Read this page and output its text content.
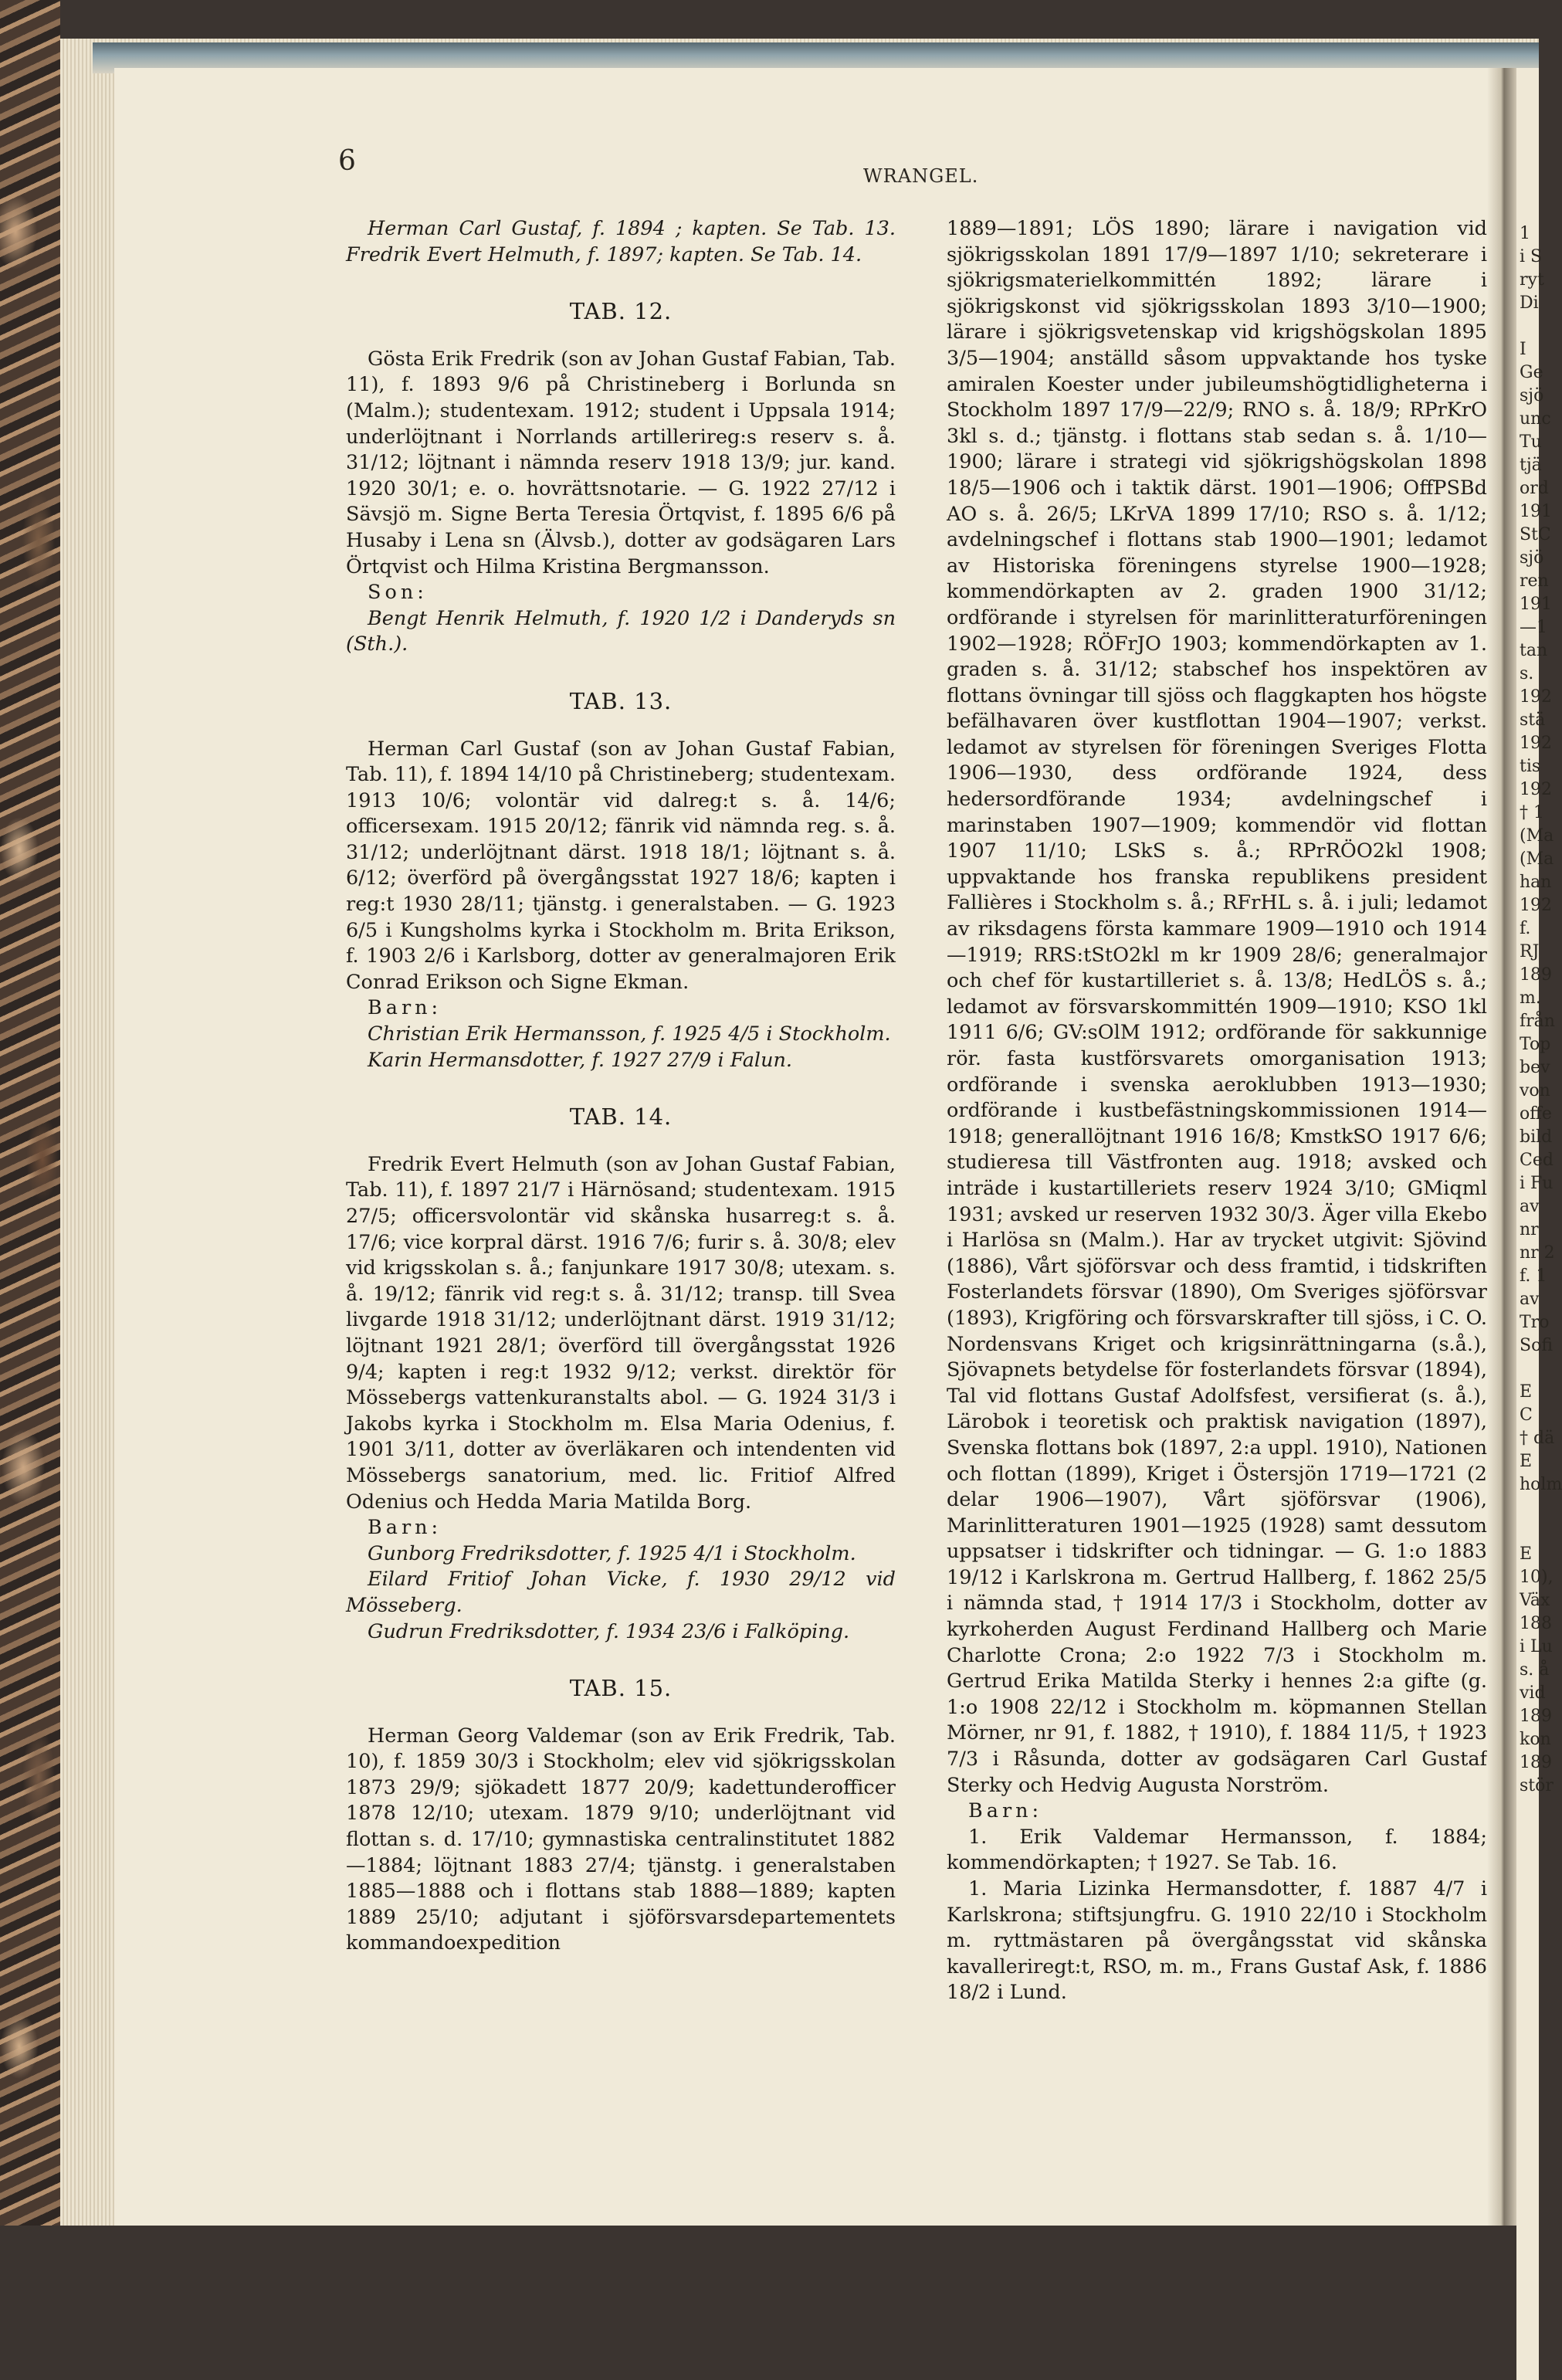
6	WRANGEL.

Herman Carl Gustaf, f. 1894 ; kapten. Se Tab. 13. Fredrik Evert Helmuth, f. 1897; kapten. Se Tab. 14.

TAB. 12.

Gösta Erik Fredrik (son av Johan Gustaf Fabian, Tab. 11), f. 1893 9/6 på Christineberg i Borlunda sn (Malm.); studentexam. 1912; student i Uppsala 1914; underlöjtnant i Norrlands artillerireg:s reserv s. å. 31/12; löjtnant i nämnda reserv 1918 13/9; jur. kand. 1920 30/1; e. o. hovrättsnotarie. — G. 1922 27/12 i Sävsjö m. Signe Berta Teresia Örtqvist, f. 1895 6/6 på Husaby i Lena sn (Älvsb.), dotter av godsägaren Lars Örtqvist och Hilma Kristina Bergmansson.

Son:

Bengt Henrik Helmuth, f. 1920 1/2 i Danderyds sn (Sth.).

TAB. 13.

Herman Carl Gustaf (son av Johan Gustaf Fabian, Tab. 11), f. 1894 14/10 på Christineberg; studentexam. 1913 10/6; volontär vid dalreg:t s. å. 14/6; officersexam. 1915 20/12; fänrik vid nämnda reg. s. å. 31/12; underlöjtnant därst. 1918 18/1; löjtnant s. å. 6/12; överförd på övergångsstat 1927 18/6; kapten i reg:t 1930 28/11; tjänstg. i generalstaben. — G. 1923 6/5 i Kungsholms kyrka i Stockholm m. Brita Erikson, f. 1903 2/6 i Karlsborg, dotter av generalmajoren Erik Conrad Erikson och Signe Ekman.

Barn:

Christian Erik Hermansson, f. 1925 4/5 i Stockholm.

Karin Hermansdotter, f. 1927 27/9 i Falun.

TAB. 14.

Fredrik Evert Helmuth (son av Johan Gustaf Fabian, Tab. 11), f. 1897 21/7 i Härnösand; studentexam. 1915 27/5; officersvolontär vid skånska husarreg:t s. å. 17/6; vice korpral därst. 1916 7/6; furir s. å. 30/8; elev vid krigsskolan s. å.; fanjunkare 1917 30/8; utexam. s. å. 19/12; fänrik vid reg:t s. å. 31/12; transp. till Svea livgarde 1918 31/12; underlöjtnant därst. 1919 31/12; löjtnant 1921 28/1; överförd till övergångsstat 1926 9/4; kapten i reg:t 1932 9/12; verkst. direktör för Mössebergs vattenkuranstalts abol. — G. 1924 31/3 i Jakobs kyrka i Stockholm m. Elsa Maria Odenius, f. 1901 3/11, dotter av överläkaren och intendenten vid Mössebergs sanatorium, med. lic. Fritiof Alfred Odenius och Hedda Maria Matilda Borg.

Barn:

Gunborg Fredriksdotter, f. 1925 4/1 i Stockholm.

Eilard Fritiof Johan Vicke, f. 1930 29/12 vid Mösseberg.

Gudrun Fredriksdotter, f. 1934 23/6 i Falköping.

TAB. 15.

Herman Georg Valdemar (son av Erik Fredrik, Tab. 10), f. 1859 30/3 i Stockholm; elev vid sjökrigsskolan 1873 29/9; sjökadett 1877 20/9; kadettunderofficer 1878 12/10; utexam. 1879 9/10; underlöjtnant vid flottan s. d. 17/10; gymnastiska centralinstitutet 1882—1884; löjtnant 1883 27/4; tjänstg. i generalstaben 1885—1888 och i flottans stab 1888—1889; kapten 1889 25/10; adjutant i sjöförsvarsdepartementets kommandoexpedition

1889—1891; LÖS 1890; lärare i navigation vid sjökrigsskolan 1891 17/9—1897 1/10; sekreterare i sjökrigsmaterielkommittén 1892; lärare i sjökrigskonst vid sjökrigsskolan 1893 3/10—1900; lärare i sjökrigsvetenskap vid krigshögskolan 1895 3/5—1904; anställd såsom uppvaktande hos tyske amiralen Koester under jubileumshögtidligheterna i Stockholm 1897 17/9—22/9; RNO s. å. 18/9; RPrKrO 3kl s. d.; tjänstg. i flottans stab sedan s. å. 1/10—1900; lärare i strategi vid sjökrigshögskolan 1898 18/5—1906 och i taktik därst. 1901—1906; OffPSBd AO s. å. 26/5; LKrVA 1899 17/10; RSO s. å. 1/12; avdelningschef i flottans stab 1900—1901; ledamot av Historiska föreningens styrelse 1900—1928; kommendörkapten av 2. graden 1900 31/12; ordförande i styrelsen för marinlitteraturföreningen 1902—1928; RÖFrJO 1903; kommendörkapten av 1. graden s. å. 31/12; stabschef hos inspektören av flottans övningar till sjöss och flaggkapten hos högste befälhavaren över kustflottan 1904—1907; verkst. ledamot av styrelsen för föreningen Sveriges Flotta 1906—1930, dess ordförande 1924, dess hedersordförande 1934; avdelningschef i marinstaben 1907—1909; kommendör vid flottan 1907 11/10; LSkS s. å.; RPrRÖO2kl 1908; uppvaktande hos franska republikens president Fallières i Stockholm s. å.; RFrHL s. å. i juli; ledamot av riksdagens första kammare 1909—1910 och 1914—1919; RRS:tStO2kl m kr 1909 28/6; generalmajor och chef för kustartilleriet s. å. 13/8; HedLÖS s. å.; ledamot av försvarskommittén 1909—1910; KSO 1kl 1911 6/6; GV:sOlM 1912; ordförande för sakkunnige rör. fasta kustförsvarets omorganisation 1913; ordförande i svenska aeroklubben 1913—1930; ordförande i kustbefästningskommissionen 1914—1918; generallöjtnant 1916 16/8; KmstkSO 1917 6/6; studieresa till Västfronten aug. 1918; avsked och inträde i kustartilleriets reserv 1924 3/10; GMiqml 1931; avsked ur reserven 1932 30/3. Äger villa Ekebo i Harlösa sn (Malm.). Har av trycket utgivit: Sjövind (1886), Vårt sjöförsvar och dess framtid, i tidskriften Fosterlandets försvar (1890), Om Sveriges sjöförsvar (1893), Krigföring och försvarskrafter till sjöss, i C. O. Nordensvans Kriget och krigsinrättningarna (s.å.), Sjövapnets betydelse för fosterlandets försvar (1894), Tal vid flottans Gustaf Adolfsfest, versifierat (s. å.), Lärobok i teoretisk och praktisk navigation (1897), Svenska flottans bok (1897, 2:a uppl. 1910), Nationen och flottan (1899), Kriget i Östersjön 1719—1721 (2 delar 1906—1907), Vårt sjöförsvar (1906), Marinlitteraturen 1901—1925 (1928) samt dessutom uppsatser i tidskrifter och tidningar. — G. 1:o 1883 19/12 i Karlskrona m. Gertrud Hallberg, f. 1862 25/5 i nämnda stad, † 1914 17/3 i Stockholm, dotter av kyrkoherden August Ferdinand Hallberg och Marie Charlotte Crona; 2:o 1922 7/3 i Stockholm m. Gertrud Erika Matilda Sterky i hennes 2:a gifte (g. 1:o 1908 22/12 i Stockholm m. köpmannen Stellan Mörner, nr 91, f. 1882, † 1910), f. 1884 11/5, † 1923 7/3 i Råsunda, dotter av godsägaren Carl Gustaf Sterky och Hedvig Augusta Norström.

Barn:

1. Erik Valdemar Hermansson, f. 1884; kommendörkapten; † 1927. Se Tab. 16.

1. Maria Lizinka Hermansdotter, f. 1887 4/7 i Karlskrona; stiftsjungfru. G. 1910 22/10 i Stockholm m. ryttmästaren på övergångsstat vid skånska kavalleriregt:t, RSO, m. m., Frans Gustaf Ask, f. 1886 18/2 i Lund.

1
i S
ryt
Di

I
Ge
sjö
unc
Tu
tjä
ord
191
StC
sjö
ren
191
—1
tan
s.
192
stä
192
tis
192
† 1
(Ma
(Ma
han
192
f.
RJ
189
m.
från
Top
bev
von
offe
bild
Ced
i Fu
av
nr
nr 2
f. 1
av
Tro
Sofi

E
C
† dä
E
holm

E
10),
Väx
188
i Lu
s. å
vid
189
kon
189
stör
